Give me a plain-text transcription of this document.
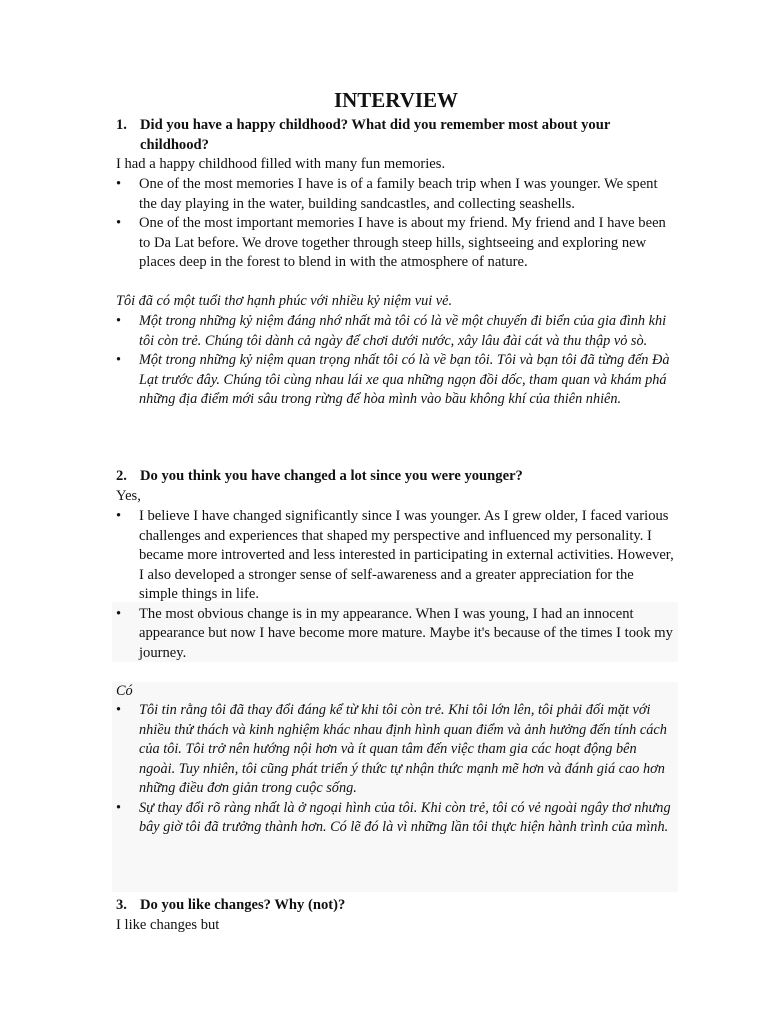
INTERVIEW
1. Did you have a happy childhood? What did you remember most about your childhood?
I had a happy childhood filled with many fun memories.
• One of the most memories I have is of a family beach trip when I was younger. We spent the day playing in the water, building sandcastles, and collecting seashells.
• One of the most important memories I have is about my friend. My friend and I have been to Da Lat before. We drove together through steep hills, sightseeing and exploring new places deep in the forest to blend in with the atmosphere of nature.
Tôi đã có một tuổi thơ hạnh phúc với nhiều kỷ niệm vui vẻ.
• Một trong những kỷ niệm đáng nhớ nhất mà tôi có là về một chuyến đi biển của gia đình khi tôi còn trẻ. Chúng tôi dành cả ngày để chơi dưới nước, xây lâu đài cát và thu thập vỏ sò.
• Một trong những kỷ niệm quan trọng nhất tôi có là về bạn tôi. Tôi và bạn tôi đã từng đến Đà Lạt trước đây. Chúng tôi cùng nhau lái xe qua những ngọn đồi dốc, tham quan và khám phá những địa điểm mới sâu trong rừng để hòa mình vào bầu không khí của thiên nhiên.
2. Do you think you have changed a lot since you were younger?
Yes,
• I believe I have changed significantly since I was younger. As I grew older, I faced various challenges and experiences that shaped my perspective and influenced my personality. I became more introverted and less interested in participating in external activities. However, I also developed a stronger sense of self-awareness and a greater appreciation for the simple things in life.
• The most obvious change is in my appearance. When I was young, I had an innocent appearance but now I have become more mature. Maybe it's because of the times I took my journey.
Có
• Tôi tin rằng tôi đã thay đổi đáng kể từ khi tôi còn trẻ. Khi tôi lớn lên, tôi phải đối mặt với nhiều thử thách và kinh nghiệm khác nhau định hình quan điểm và ảnh hưởng đến tính cách của tôi. Tôi trở nên hướng nội hơn và ít quan tâm đến việc tham gia các hoạt động bên ngoài. Tuy nhiên, tôi cũng phát triển ý thức tự nhận thức mạnh mẽ hơn và đánh giá cao hơn những điều đơn giản trong cuộc sống.
• Sự thay đổi rõ ràng nhất là ở ngoại hình của tôi. Khi còn trẻ, tôi có vẻ ngoài ngây thơ nhưng bây giờ tôi đã trưởng thành hơn. Có lẽ đó là vì những lần tôi thực hiện hành trình của mình.
3. Do you like changes? Why (not)?
I like changes but
